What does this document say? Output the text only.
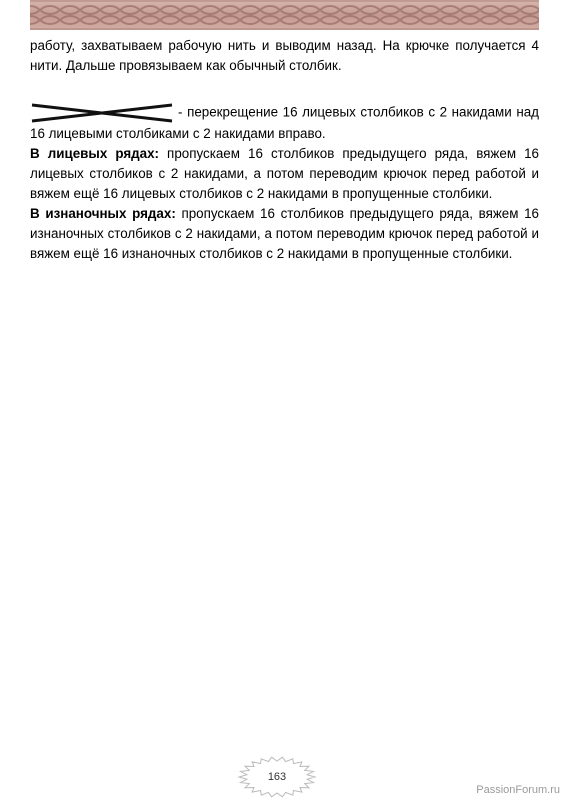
работу, захватываем рабочую нить и выводим назад. На крючке получается 4 нити. Дальше провязываем как обычный столбик.

- перекрещение 16 лицевых столбиков с 2 накидами над 16 лицевыми столбиками с 2 накидами вправо.

В лицевых рядах: пропускаем 16 столбиков предыдущего ряда, вяжем 16 лицевых столбиков с 2 накидами, а потом переводим крючок перед работой и вяжем ещё 16 лицевых столбиков с 2 накидами в пропущенные столбики.

В изнаночных рядах: пропускаем 16 столбиков предыдущего ряда, вяжем 16 изнаночных столбиков с 2 накидами, а потом переводим крючок перед работой и вяжем ещё 16 изнаночных столбиков с 2 накидами в пропущенные столбики.

163
PassionForum.ru
